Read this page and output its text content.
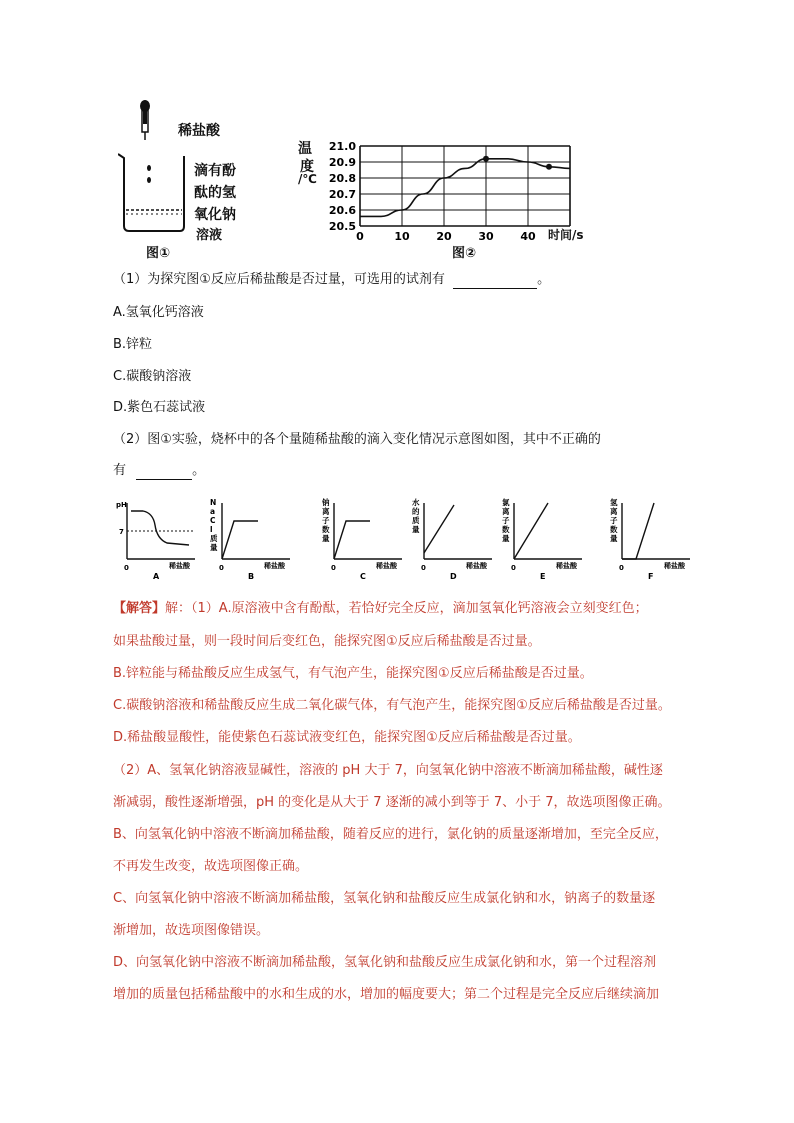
稀盐酸
滴有酚
酞的氢
氧化钠
溶液
图①
温
度
/℃
21.0
20.9
20.8
20.7
20.6
20.5
0	10 20 30 40 时间/s
图②
（1）为探究图①反应后稀盐酸是否过量，可选用的试剂有	。
A.氢氧化钙溶液
B.锌粒
C.碳酸钠溶液
D.紫色石蕊试液
（2）图①实验，烧杯中的各个量随稀盐酸的滴入变化情况示意图如图，其中不正确的
有	。
pH
7
0	稀盐酸
A
N
a
C
l
质
量
0	稀盐酸
B
钠
离
子
数
量
0	稀盐酸
C
水
的
质
量
0	稀盐酸
D
氯
离
子
数
量
0	稀盐酸
E
氢
离
子
数
量
0	稀盐酸
F
【解答】解：（1）A.原溶液中含有酚酞，若恰好完全反应，滴加氢氧化钙溶液会立刻变红色；
如果盐酸过量，则一段时间后变红色，能探究图①反应后稀盐酸是否过量。
B.锌粒能与稀盐酸反应生成氢气，有气泡产生，能探究图①反应后稀盐酸是否过量。
C.碳酸钠溶液和稀盐酸反应生成二氧化碳气体，有气泡产生，能探究图①反应后稀盐酸是否过量。
D.稀盐酸显酸性，能使紫色石蕊试液变红色，能探究图①反应后稀盐酸是否过量。
（2）A、氢氧化钠溶液显碱性，溶液的 pH 大于 7，向氢氧化钠中溶液不断滴加稀盐酸，碱性逐
渐减弱，酸性逐渐增强，pH 的变化是从大于 7 逐渐的减小到等于 7、小于 7，故选项图像正确。
B、向氢氧化钠中溶液不断滴加稀盐酸，随着反应的进行，氯化钠的质量逐渐增加，至完全反应，
不再发生改变，故选项图像正确。
C、向氢氧化钠中溶液不断滴加稀盐酸，氢氧化钠和盐酸反应生成氯化钠和水，钠离子的数量逐
渐增加，故选项图像错误。
D、向氢氧化钠中溶液不断滴加稀盐酸，氢氧化钠和盐酸反应生成氯化钠和水，第一个过程溶剂
增加的质量包括稀盐酸中的水和生成的水，增加的幅度要大；第二个过程是完全反应后继续滴加
